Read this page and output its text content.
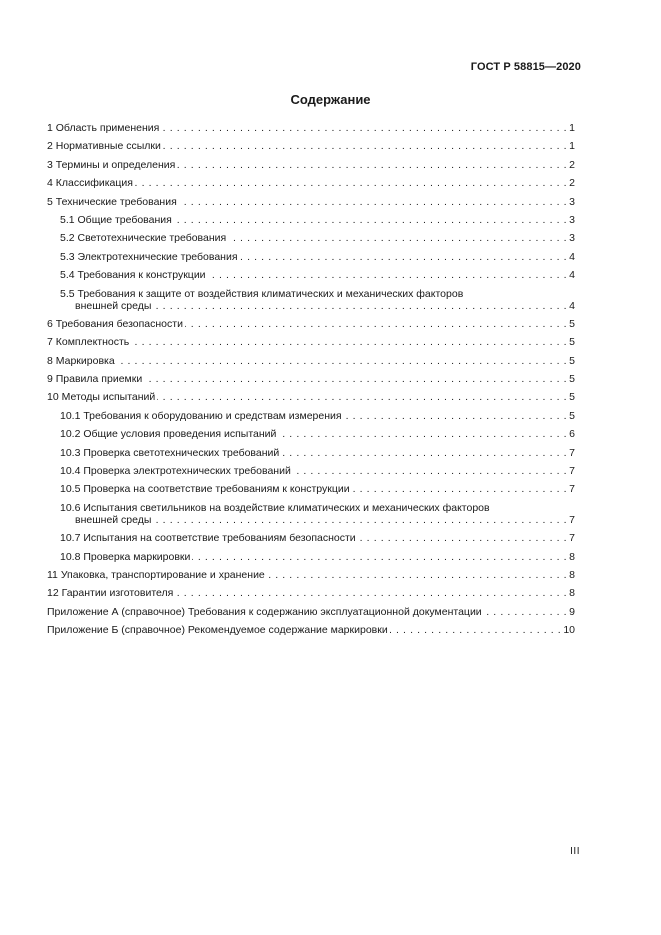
ГОСТ Р 58815—2020
Содержание
1 Область применения . . .	1
2 Нормативные ссылки . . .	1
3 Термины и определения . . .	2
4 Классификация . . .	2
5 Технические требования . . .	3
5.1 Общие требования . . .	3
5.2 Светотехнические требования . . .	3
5.3 Электротехнические требования . . .	4
5.4 Требования к конструкции . . .	4
5.5 Требования к защите от воздействия климатических и механических факторов
внешней среды . . .	4
6 Требования безопасности . . .	5
7 Комплектность . . .	5
8 Маркировка . . .	5
9 Правила приемки . . .	5
10 Методы испытаний . . .	5
10.1 Требования к оборудованию и средствам измерения . . .	5
10.2 Общие условия проведения испытаний . . .	6
10.3 Проверка светотехнических требований . . .	7
10.4 Проверка электротехнических требований . . .	7
10.5 Проверка на соответствие требованиям к конструкции . . .	7
10.6 Испытания светильников на воздействие климатических и механических факторов
внешней среды . . .	7
10.7 Испытания на соответствие требованиям безопасности . . .	7
10.8 Проверка маркировки . . .	8
11 Упаковка, транспортирование и хранение . . .	8
12 Гарантии изготовителя . . .	8
Приложение А (справочное) Требования к содержанию эксплуатационной документации . . .	9
Приложение Б (справочное) Рекомендуемое содержание маркировки . . .	10
III
